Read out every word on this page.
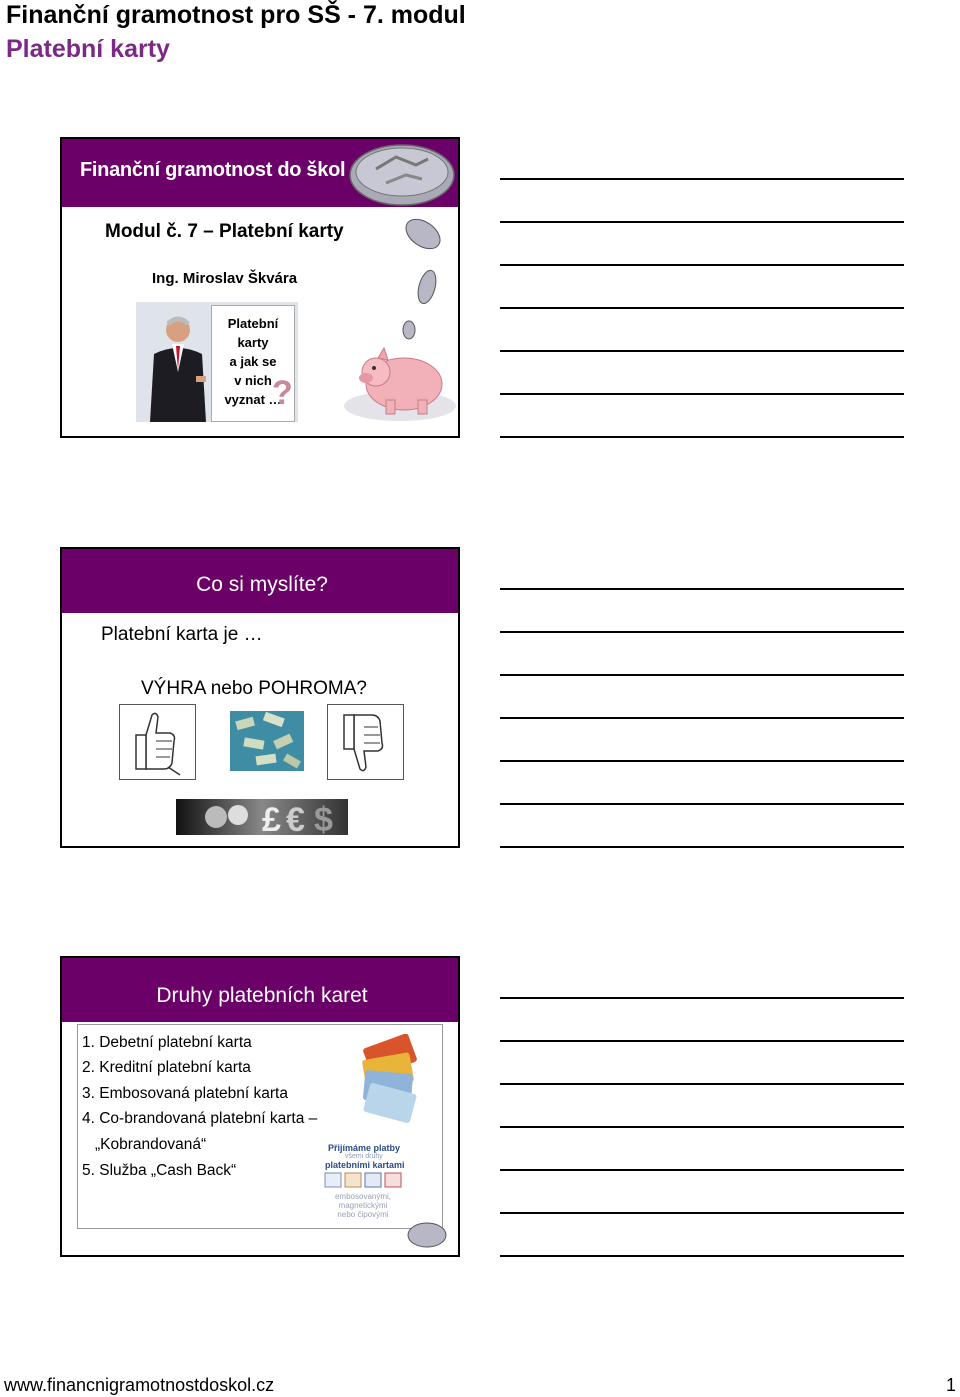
Finanční gramotnost pro SŠ - 7. modul
Platební karty
Finanční gramotnost do škol
Modul č. 7 – Platební karty
Ing. Miroslav Škvára
Platební
karty
a jak se
v nich
vyznat …
?
Co si myslíte?
Platební karta je …
VÝHRA nebo POHROMA?
£ € $
Druhy platebních karet
1. Debetní platební karta
2. Kreditní platební karta
3. Embosovaná platební karta
4. Co-brandovaná platební karta –
„Kobrandovaná“
5. Služba „Cash Back“
Přijímáme platby
všemi druhy
platebními kartami
embosovanými,
magnetickými
nebo čipovými
www.financnigramotnostdoskol.cz	1
